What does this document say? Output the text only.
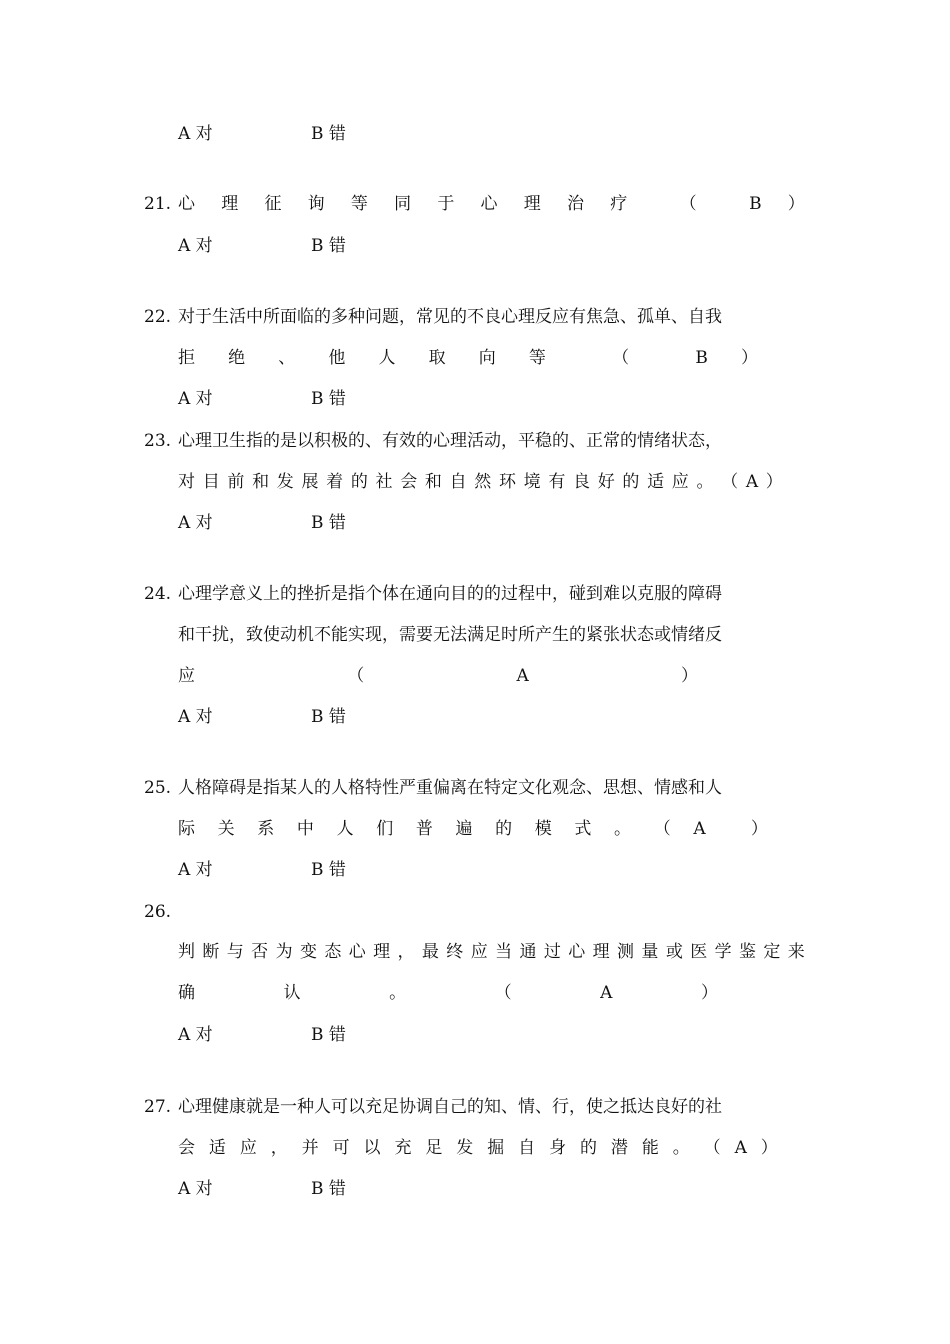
A 对	B 错
21. 心 理 征 询 等 同 于 心 理 治 疗	（	B ）
A 对	B 错
22. 对于生活中所面临的多种问题，常见的不良心理反应有焦急、孤单、自我
拒 绝 、 他 人 取 向 等	（	B ）
A 对	B 错
23. 心理卫生指的是以积极的、有效的心理活动，平稳的、正常的情绪状态，
对 目 前 和 发 展 着 的 社 会 和 自 然 环 境 有 良 好 的 适 应 。 （ A ）
A 对	B 错
24. 心理学意义上的挫折是指个体在通向目的的过程中，碰到难以克服的障碍
和干扰，致使动机不能实现，需要无法满足时所产生的紧张状态或情绪反
应	（	A	）
A 对	B 错
25. 人格障碍是指某人的人格特性严重偏离在特定文化观念、思想、情感和人
际 关 系 中 人 们 普 遍 的 模 式 。 （ A	）
A 对	B 错
26.
判 断 与 否 为 变 态 心 理 ， 最 终 应 当 通 过 心 理 测 量 或 医 学 鉴 定 来
确	认	。	（	A	）
A 对	B 错
27. 心理健康就是一种人可以充足协调自己的知、情、行，使之抵达良好的社
会 适 应 ， 并 可 以 充 足 发 掘 自 身 的 潜 能 。 （ A ）
A 对	B 错
